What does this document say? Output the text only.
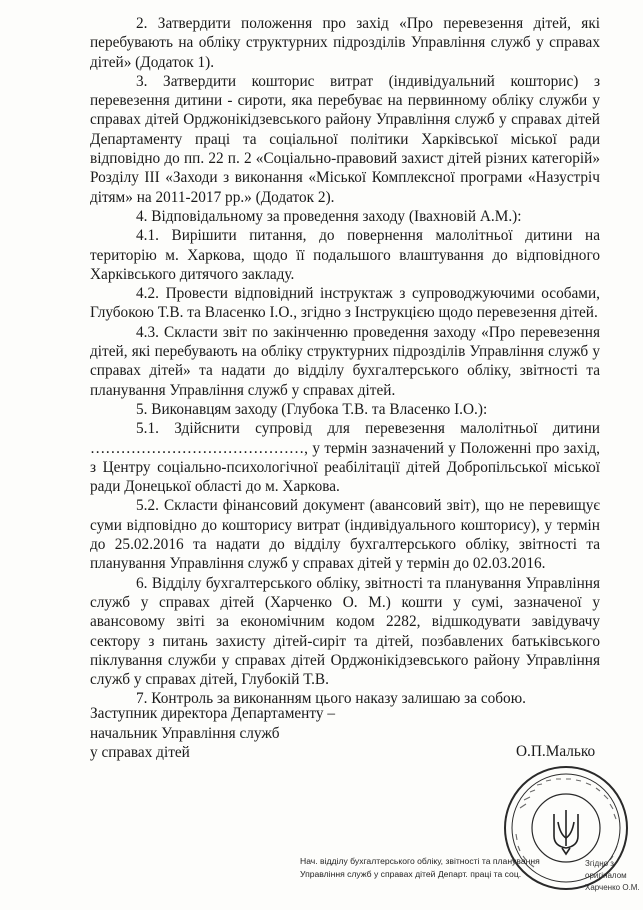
2. Затвердити положення про захід «Про перевезення дітей, які перебувають на обліку структурних підрозділів Управління служб у справах дітей» (Додаток 1).

3. Затвердити кошторис витрат (індивідуальний кошторис) з перевезення дитини - сироти, яка перебуває на первинному обліку служби у справах дітей Орджонікідзевського району Управління служб у справах дітей Департаменту праці та соціальної політики Харківської міської ради відповідно до пп. 22 п. 2 «Соціально-правовий захист дітей різних категорій» Розділу ІІІ «Заходи з виконання «Міської Комплексної програми «Назустріч дітям» на 2011-2017 рр.» (Додаток 2).

4. Відповідальному за проведення заходу (Івахновій А.М.):

4.1. Вирішити питання, до повернення малолітньої дитини на територію м. Харкова, щодо її подальшого влаштування до відповідного Харківського дитячого закладу.

4.2. Провести відповідний інструктаж з супроводжуючими особами, Глубокою Т.В. та Власенко І.О., згідно з Інструкцією щодо перевезення дітей.

4.3. Скласти звіт по закінченню проведення заходу «Про перевезення дітей, які перебувають на обліку структурних підрозділів Управління служб у справах дітей» та надати до відділу бухгалтерського обліку, звітності та планування Управління служб у справах дітей.

5. Виконавцям заходу (Глубока Т.В. та Власенко І.О.):

5.1. Здійснити супровід для перевезення малолітньої дитини ……………………………………, у термін зазначений у Положенні про захід, з Центру соціально-психологічної реабілітації дітей Добропільської міської ради Донецької області до м. Харкова.

5.2. Скласти фінансовий документ (авансовий звіт), що не перевищує суми відповідно до кошторису витрат (індивідуального кошторису), у термін до 25.02.2016 та надати до відділу бухгалтерського обліку, звітності та планування Управління служб у справах дітей у термін до 02.03.2016.

6. Відділу бухгалтерського обліку, звітності та планування Управління служб у справах дітей (Харченко О. М.) кошти у сумі, зазначеної у авансовому звіті за економічним кодом 2282, відшкодувати завідувачу сектору з питань захисту дітей-сиріт та дітей, позбавлених батьківського піклування служби у справах дітей Орджонікідзевського району Управління служб у справах дітей, Глубокій Т.В.

7. Контроль за виконанням цього наказу залишаю за собою.

Заступник директора Департаменту –
начальник Управління служб
у справах дітей	О.П.Малько
Згідно з оригіналом
Харченко О.М.
Нач. відділу бухгалтерського обліку, звітності та планування
Управління служб у справах дітей Департ. праці та соц.
